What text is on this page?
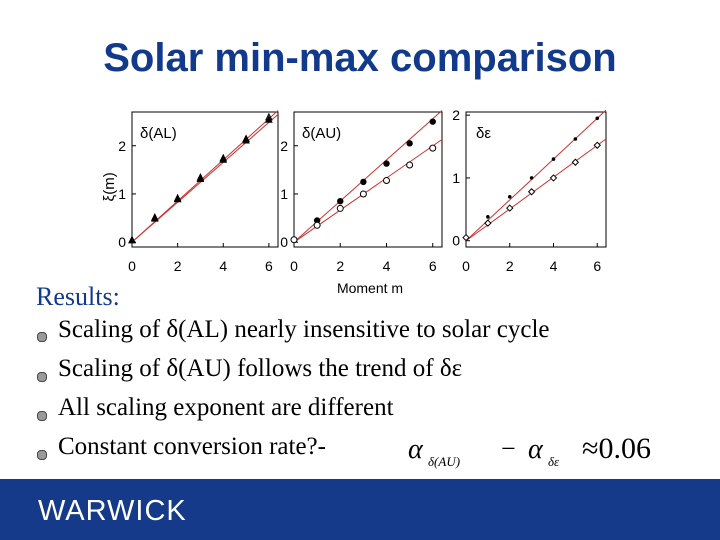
Solar min-max comparison
0	2	4	6
0
1
2
δ(AL)
ξ(m)
0	2	4	6
0
1
2
δ(AU)
Moment m
0	2	4	6
0
1
2
δε
Results:
Scaling of δ(AL) nearly insensitive to solar cycle
Scaling of δ(AU) follows the trend of δε
All scaling exponent are different
Constant conversion rate?-	α δ(AU) − α δε ≈0.06
WARWICK
